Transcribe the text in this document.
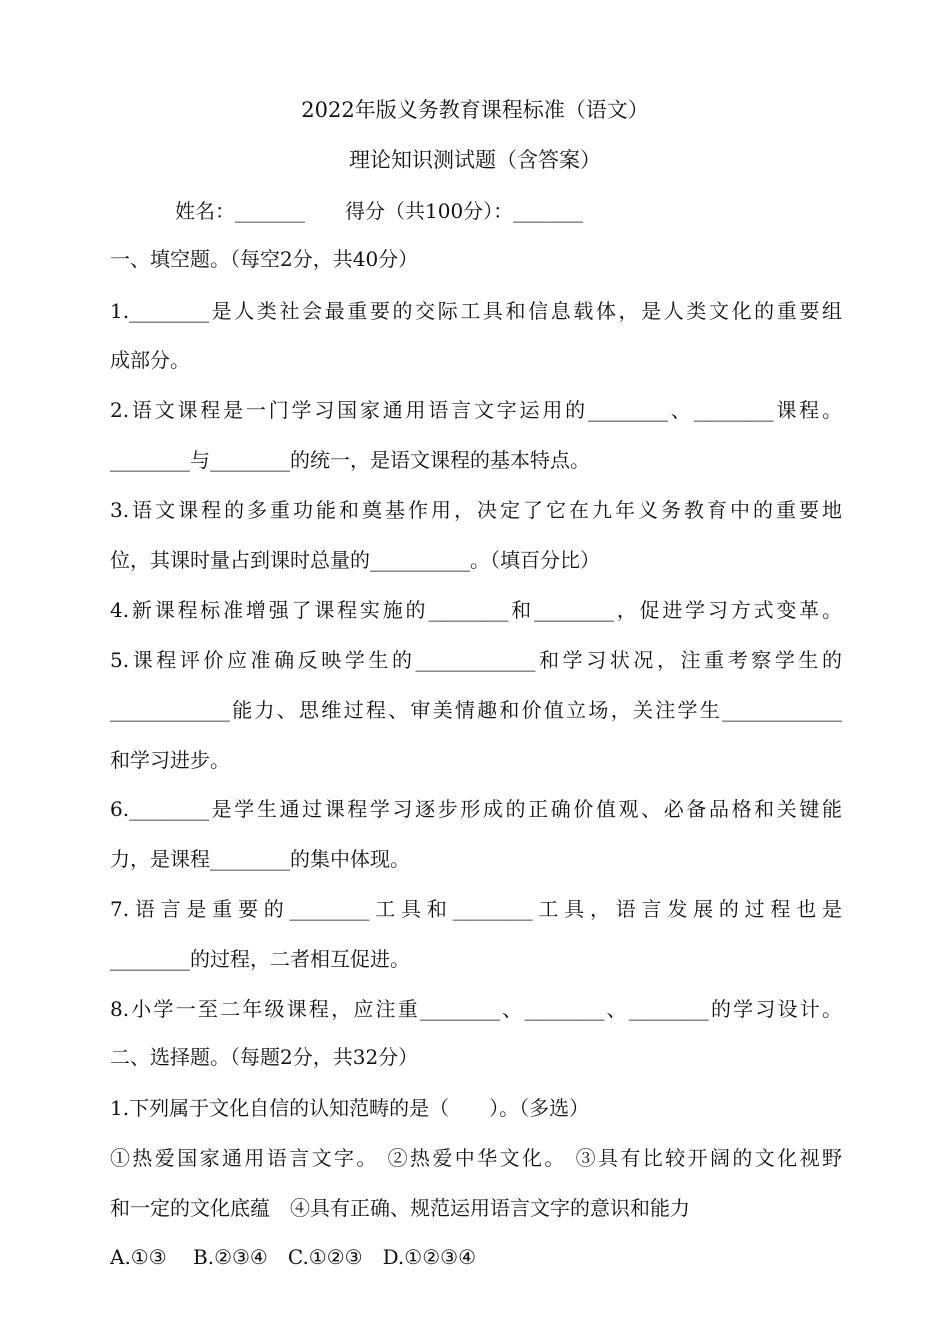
2022年版义务教育课程标准（语文）
理论知识测试题（含答案）
姓名：_______　　得分（共100分）：_______
一、填空题。（每空2分，共40分）
1.________是人类社会最重要的交际工具和信息载体，是人类文化的重要组
成部分。
2.语文课程是一门学习国家通用语言文字运用的________、________课程。
________与________的统一，是语文课程的基本特点。
3.语文课程的多重功能和奠基作用，决定了它在九年义务教育中的重要地
位，其课时量占到课时总量的__________。（填百分比）
4.新课程标准增强了课程实施的________和________，促进学习方式变革。
5.课程评价应准确反映学生的____________和学习状况，注重考察学生的
____________能力、思维过程、审美情趣和价值立场，关注学生____________
和学习进步。
6.________是学生通过课程学习逐步形成的正确价值观、必备品格和关键能
力，是课程________的集中体现。
7.语言是重要的________工具和________工具，语言发展的过程也是
________的过程，二者相互促进。
8.小学一至二年级课程，应注重________、________、________的学习设计。
二、选择题。（每题2分，共32分）
1.下列属于文化自信的认知范畴的是（　　）。（多选）
①热爱国家通用语言文字。 ②热爱中华文化。 ③具有比较开阔的文化视野
和一定的文化底蕴　④具有正确、规范运用语言文字的意识和能力
A.①③　 B.②③④　C.①②③　D.①②③④
